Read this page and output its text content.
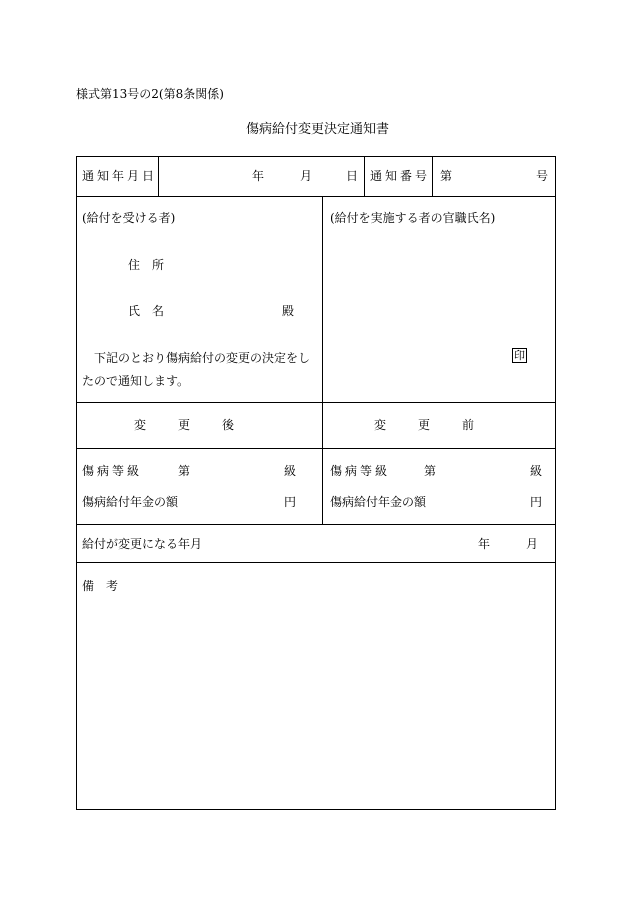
様式第13号の2(第8条関係)
傷病給付変更決定通知書
通知年月日	年	月	日 通知番号 第	号
(給付を受ける者)
住　所
氏　名	殿
下記のとおり傷病給付の変更の決定をし
たので通知します。
(給付を実施する者の官職氏名)
印
変　更　後	変　更　前
傷病等級	第	級
傷病給付年金の額	円
傷病等級	第	級
傷病給付年金の額	円
給付が変更になる年月	年	月
備　考
